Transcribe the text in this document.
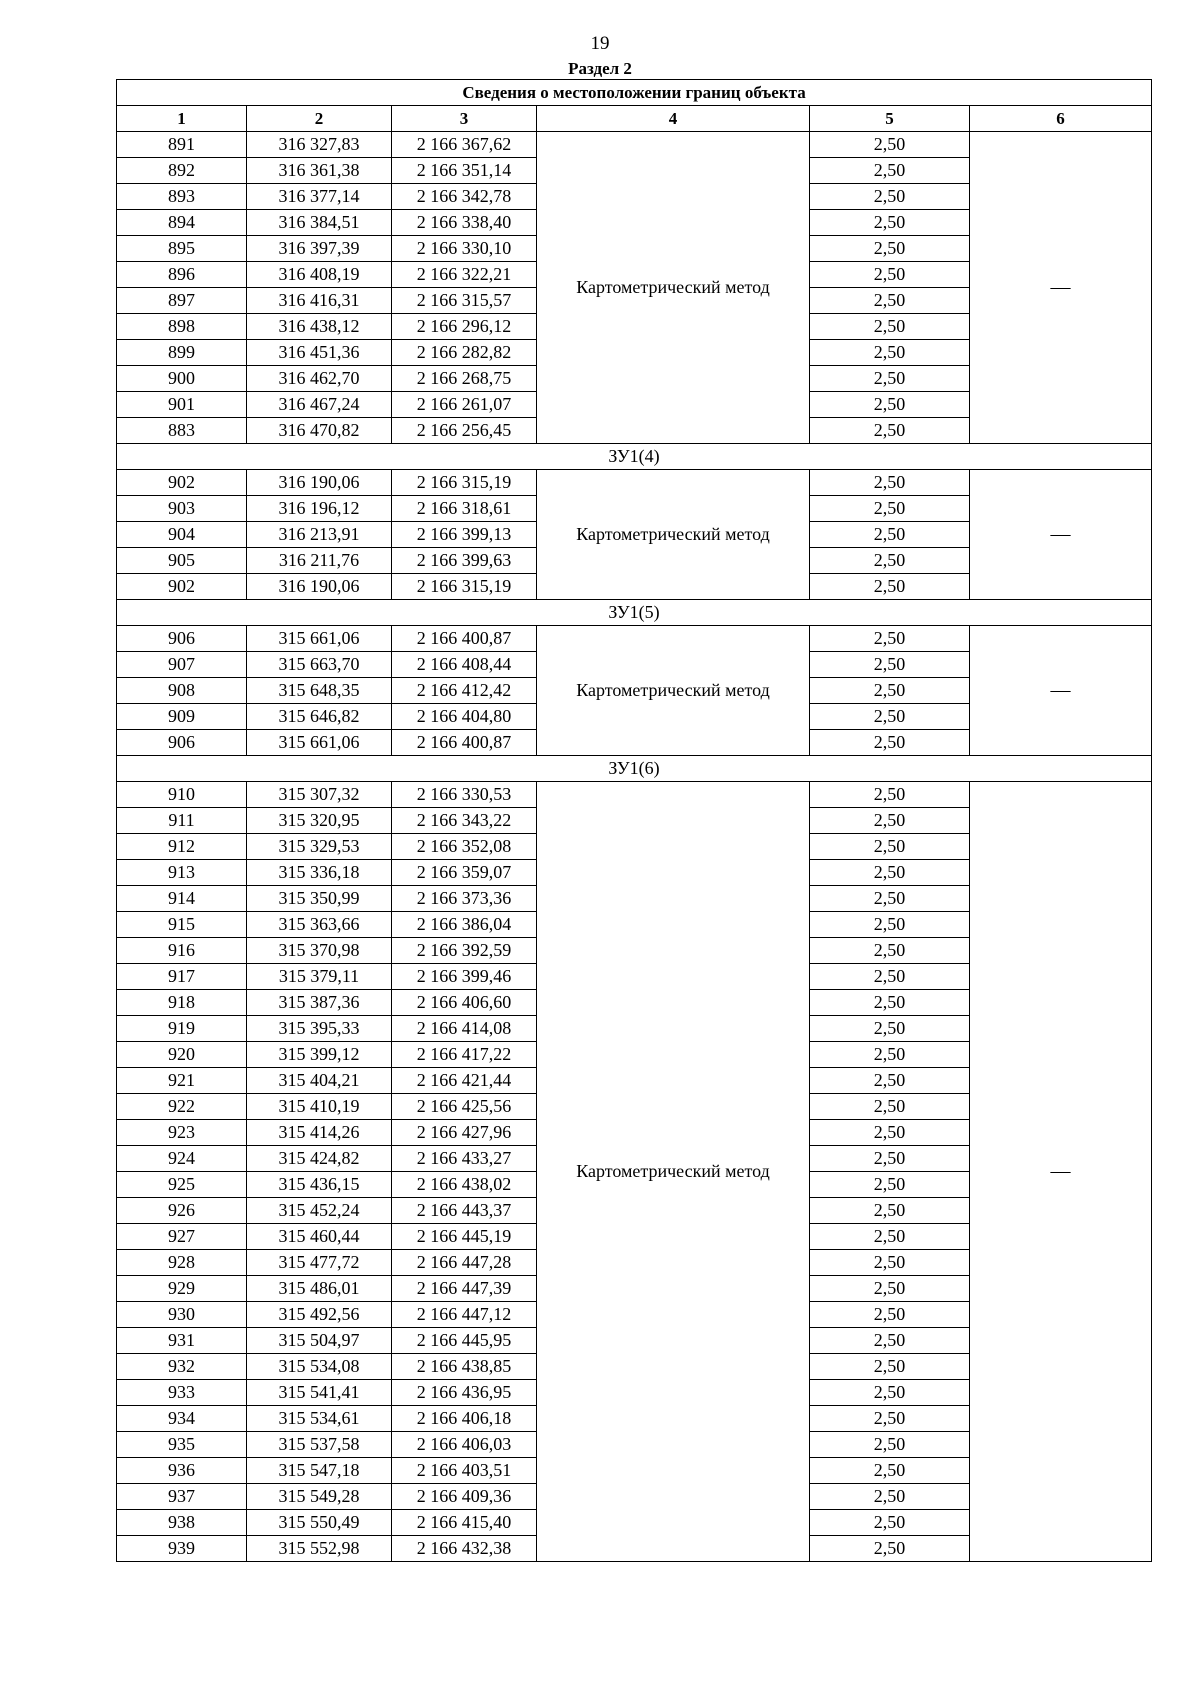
19
Раздел 2
Сведения о местоположении границ объекта					
1	2	3	4	5	6
891	316 327,83	2 166 367,62	Картометрический метод	2,50	—
892	316 361,38	2 166 351,14		2,50	
893	316 377,14	2 166 342,78		2,50	
894	316 384,51	2 166 338,40		2,50	
895	316 397,39	2 166 330,10		2,50	
896	316 408,19	2 166 322,21		2,50	
897	316 416,31	2 166 315,57		2,50	
898	316 438,12	2 166 296,12		2,50	
899	316 451,36	2 166 282,82		2,50	
900	316 462,70	2 166 268,75		2,50	
901	316 467,24	2 166 261,07		2,50	
883	316 470,82	2 166 256,45		2,50	
ЗУ1(4)					
902	316 190,06	2 166 315,19	Картометрический метод	2,50	—
903	316 196,12	2 166 318,61		2,50	
904	316 213,91	2 166 399,13		2,50	
905	316 211,76	2 166 399,63		2,50	
902	316 190,06	2 166 315,19		2,50	
ЗУ1(5)					
906	315 661,06	2 166 400,87	Картометрический метод	2,50	—
907	315 663,70	2 166 408,44		2,50	
908	315 648,35	2 166 412,42		2,50	
909	315 646,82	2 166 404,80		2,50	
906	315 661,06	2 166 400,87		2,50	
ЗУ1(6)					
910	315 307,32	2 166 330,53	Картометрический метод	2,50	—
911	315 320,95	2 166 343,22		2,50	
912	315 329,53	2 166 352,08		2,50	
913	315 336,18	2 166 359,07		2,50	
914	315 350,99	2 166 373,36		2,50	
915	315 363,66	2 166 386,04		2,50	
916	315 370,98	2 166 392,59		2,50	
917	315 379,11	2 166 399,46		2,50	
918	315 387,36	2 166 406,60		2,50	
919	315 395,33	2 166 414,08		2,50	
920	315 399,12	2 166 417,22		2,50	
921	315 404,21	2 166 421,44		2,50	
922	315 410,19	2 166 425,56		2,50	
923	315 414,26	2 166 427,96		2,50	
924	315 424,82	2 166 433,27		2,50	
925	315 436,15	2 166 438,02		2,50	
926	315 452,24	2 166 443,37		2,50	
927	315 460,44	2 166 445,19		2,50	
928	315 477,72	2 166 447,28		2,50	
929	315 486,01	2 166 447,39		2,50	
930	315 492,56	2 166 447,12		2,50	
931	315 504,97	2 166 445,95		2,50	
932	315 534,08	2 166 438,85		2,50	
933	315 541,41	2 166 436,95		2,50	
934	315 534,61	2 166 406,18		2,50	
935	315 537,58	2 166 406,03		2,50	
936	315 547,18	2 166 403,51		2,50	
937	315 549,28	2 166 409,36		2,50	
938	315 550,49	2 166 415,40		2,50	
939	315 552,98	2 166 432,38		2,50	
